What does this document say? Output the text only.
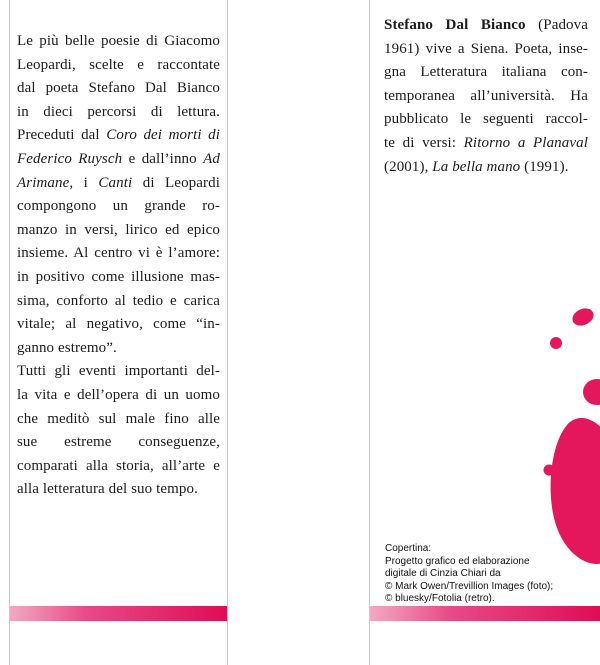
Le più belle poesie di Giacomo
Leopardi, scelte e raccontate
dal poeta Stefano Dal Bianco
in dieci percorsi di lettura.
Preceduti dal Coro dei morti di
Federico Ruysch e dall’inno Ad
Arimane, i Canti di Leopardi
compongono un grande ro-
manzo in versi, lirico ed epico
insieme. Al centro vi è l’amore:
in positivo come illusione mas-
sima, conforto al tedio e carica
vitale; al negativo, come “in-
ganno estremo”.
Tutti gli eventi importanti del-
la vita e dell’opera di un uomo
che meditò sul male fino alle
sue estreme conseguenze,
comparati alla storia, all’arte e
alla letteratura del suo tempo.
Stefano Dal Bianco (Padova
1961) vive a Siena. Poeta, inse-
gna Letteratura italiana con-
temporanea all’università. Ha
pubblicato le seguenti raccol-
te di versi: Ritorno a Planaval
(2001), La bella mano (1991).
Copertina:
Progetto grafico ed elaborazione
digitale di Cinzia Chiari da
© Mark Owen/Trevillion Images (foto);
© bluesky/Fotolia (retro).
